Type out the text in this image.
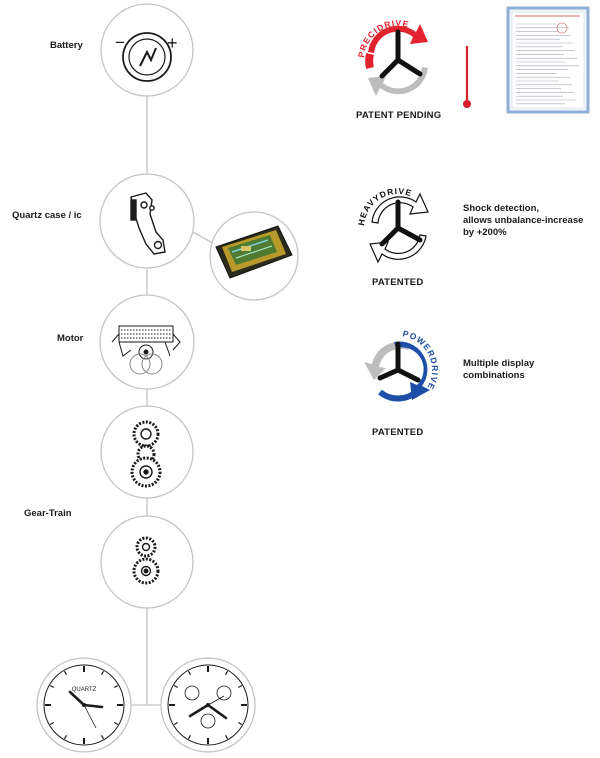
Battery
Quartz case / ic
Motor
Gear-Train
− +
QUARTZ
PRECIDRIVE
HEAVYDRIVE
POWERDRIVE
PATENT PENDING
PATENTED
PATENTED
Shock detection,
allows unbalance-increase
by +200%
Multiple display
combinations
